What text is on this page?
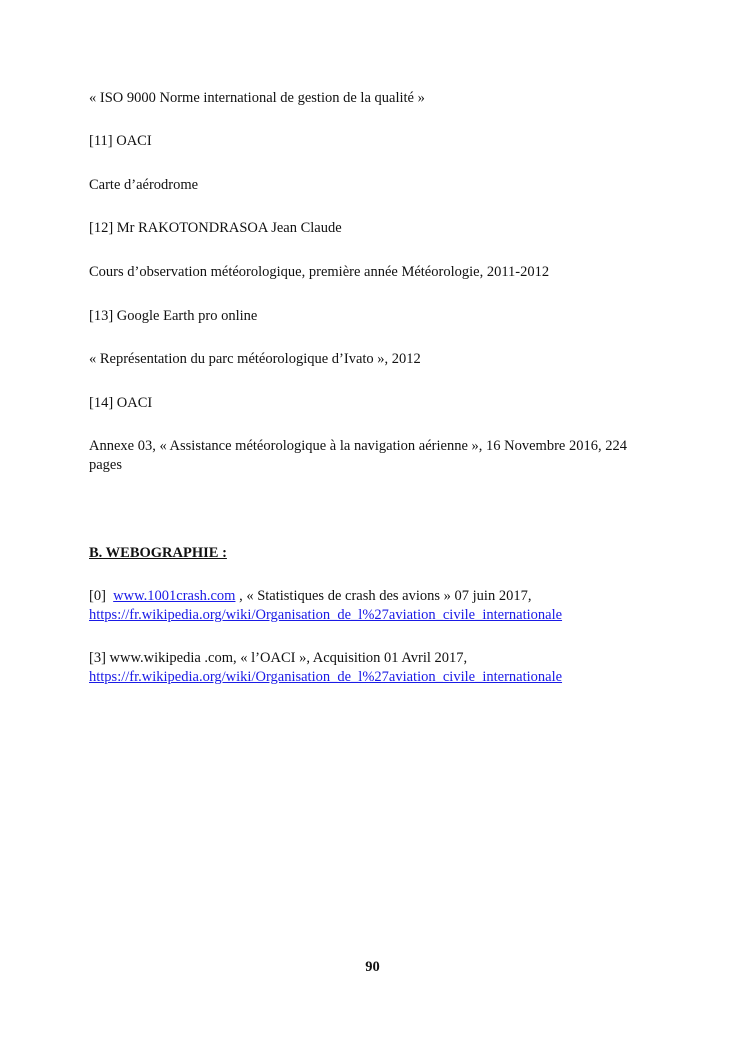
« ISO 9000 Norme international de gestion de la qualité »
[11] OACI
Carte d’aérodrome
[12] Mr RAKOTONDRASOA Jean Claude
Cours d’observation météorologique, première année Météorologie, 2011-2012
[13] Google Earth pro online
« Représentation du parc météorologique d’Ivato », 2012
[14] OACI
Annexe 03, « Assistance météorologique à la navigation aérienne », 16 Novembre 2016, 224 pages
B. WEBOGRAPHIE :
[0]  www.1001crash.com , « Statistiques de crash des avions » 07 juin 2017,
https://fr.wikipedia.org/wiki/Organisation_de_l%27aviation_civile_internationale
[3] www.wikipedia .com, « l’OACI », Acquisition 01 Avril 2017,
https://fr.wikipedia.org/wiki/Organisation_de_l%27aviation_civile_internationale
90
